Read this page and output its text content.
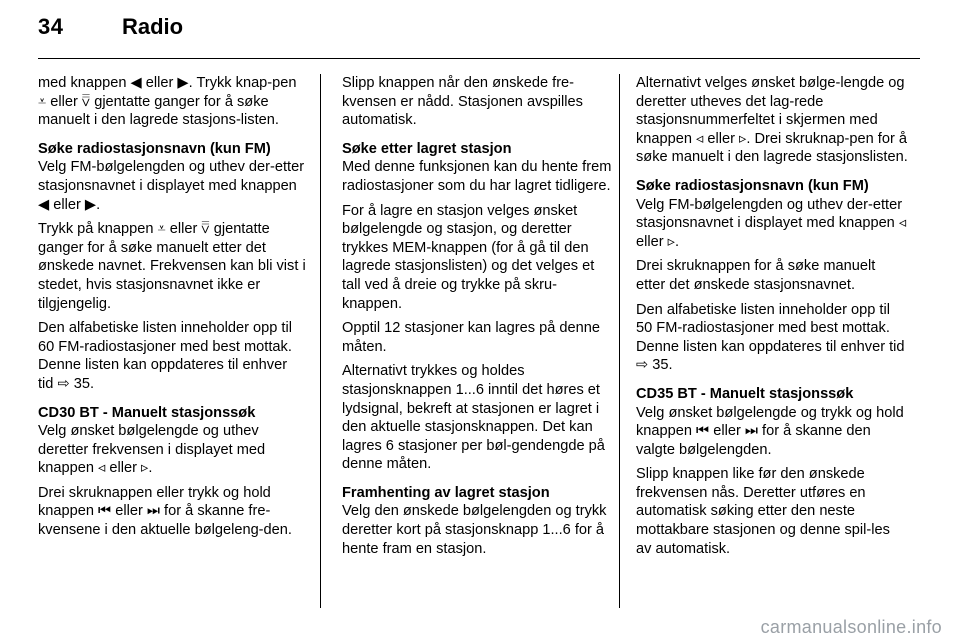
34	Radio

med knappen ◀ eller ▶. Trykk knap-pen ⩡ eller ⩢ gjentatte ganger for å søke manuelt i den lagrede stasjons-listen.

Søke radiostasjonsnavn (kun FM)

Velg FM-bølgelengden og uthev der-etter stasjonsnavnet i displayet med knappen ◀ eller ▶.

Trykk på knappen ⩡ eller ⩢ gjentatte ganger for å søke manuelt etter det ønskede navnet. Frekvensen kan bli vist i stedet, hvis stasjonsnavnet ikke er tilgjengelig.

Den alfabetiske listen inneholder opp til 60 FM-radiostasjoner med best mottak. Denne listen kan oppdateres til enhver tid ⇨ 35.

CD30 BT - Manuelt stasjonssøk

Velg ønsket bølgelengde og uthev deretter frekvensen i displayet med knappen ◃ eller ▹.

Drei skruknappen eller trykk og hold knappen ⏮ eller ⏭ for å skanne fre-kvensene i den aktuelle bølgeleng-den.

Slipp knappen når den ønskede fre-kvensen er nådd. Stasjonen avspilles automatisk.

Søke etter lagret stasjon

Med denne funksjonen kan du hente frem radiostasjoner som du har lagret tidligere.

For å lagre en stasjon velges ønsket bølgelengde og stasjon, og deretter trykkes MEM-knappen (for å gå til den lagrede stasjonslisten) og det velges et tall ved å dreie og trykke på skru-knappen.

Opptil 12 stasjoner kan lagres på denne måten.

Alternativt trykkes og holdes stasjonsknappen 1...6 inntil det høres et lydsignal, bekreft at stasjonen er lagret i den aktuelle stasjonsknappen. Det kan lagres 6 stasjoner per bøl-gendengde på denne måten.

Framhenting av lagret stasjon

Velg den ønskede bølgelengden og trykk deretter kort på stasjonsknapp 1...6 for å hente fram en stasjon.

Alternativt velges ønsket bølge-lengde og deretter utheves det lag-rede stasjonsnummerfeltet i skjermen med knappen ◃ eller ▹. Drei skruknap-pen for å søke manuelt i den lagrede stasjonslisten.

Søke radiostasjonsnavn (kun FM)

Velg FM-bølgelengden og uthev der-etter stasjonsnavnet i displayet med knappen ◃ eller ▹.

Drei skruknappen for å søke manuelt etter det ønskede stasjonsnavnet.

Den alfabetiske listen inneholder opp til 50 FM-radiostasjoner med best mottak. Denne listen kan oppdateres til enhver tid ⇨ 35.

CD35 BT - Manuelt stasjonssøk

Velg ønsket bølgelengde og trykk og hold knappen ⏮ eller ⏭ for å skanne den valgte bølgelengden.

Slipp knappen like før den ønskede frekvensen nås. Deretter utføres en automatisk søking etter den neste mottakbare stasjonen og denne spil-les av automatisk.

carmanualsonline.info
